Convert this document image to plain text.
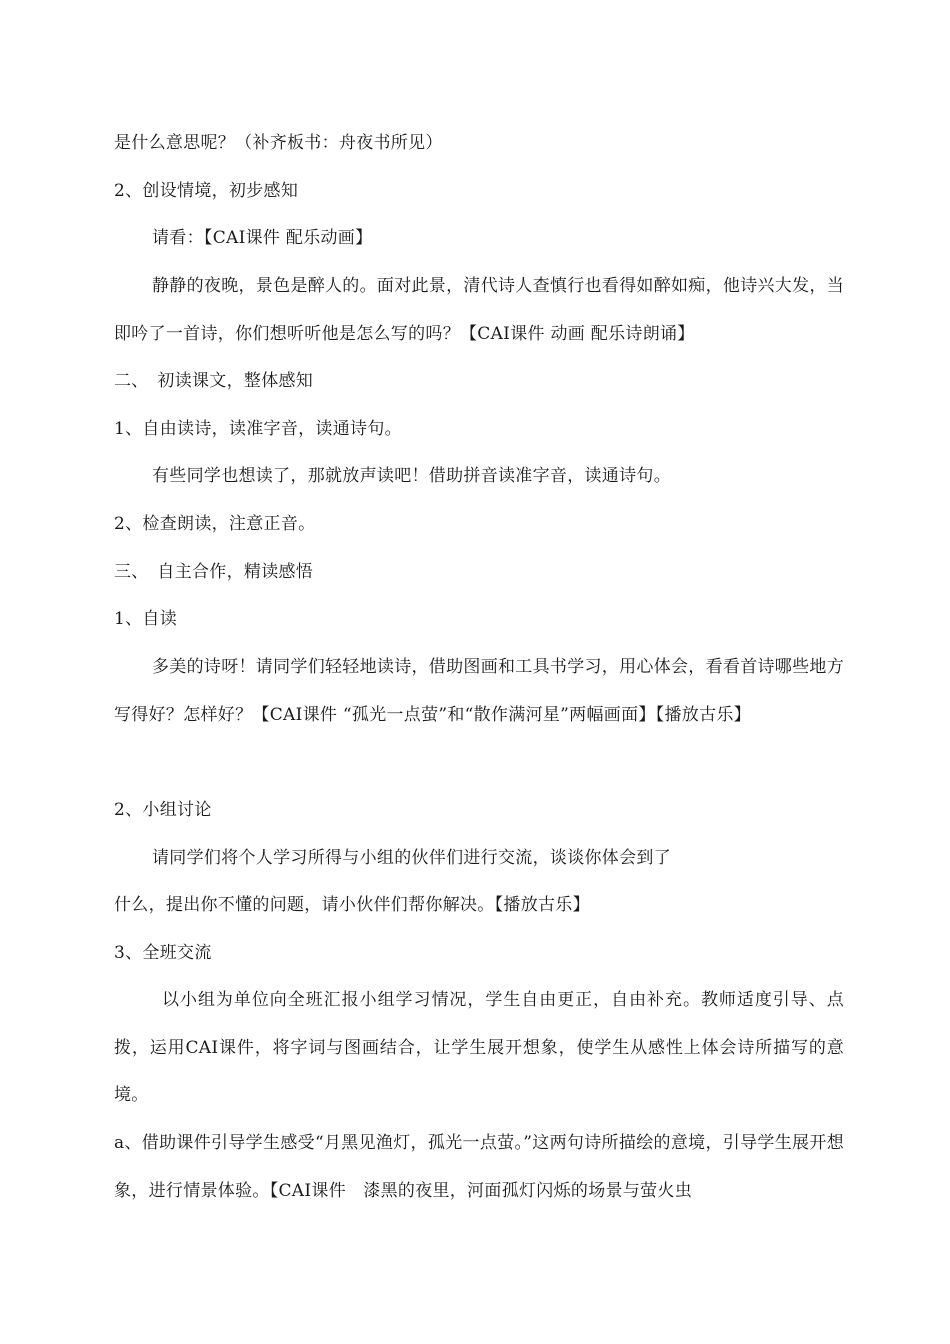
是什么意思呢？（补齐板书：舟夜书所见）

2、创设情境，初步感知

请看：【CAI课件 配乐动画】

静静的夜晚，景色是醉人的。面对此景，清代诗人查慎行也看得如醉如痴，他诗兴大发，当即吟了一首诗，你们想听听他是怎么写的吗？【CAI课件 动画 配乐诗朗诵】

二、　初读课文，整体感知

1、自由读诗，读准字音，读通诗句。

有些同学也想读了，那就放声读吧！借助拼音读准字音，读通诗句。

2、检查朗读，注意正音。

三、　自主合作，精读感悟

1、自读

多美的诗呀！请同学们轻轻地读诗，借助图画和工具书学习，用心体会，看看首诗哪些地方写得好？怎样好？【CAI课件 “孤光一点萤”和“散作满河星”两幅画面】【播放古乐】

2、小组讨论

请同学们将个人学习所得与小组的伙伴们进行交流，谈谈你体会到了

什么，提出你不懂的问题，请小伙伴们帮你解决。【播放古乐】

3、全班交流

以小组为单位向全班汇报小组学习情况，学生自由更正，自由补充。教师适度引导、点拨，运用CAI课件，将字词与图画结合，让学生展开想象，使学生从感性上体会诗所描写的意境。

a、借助课件引导学生感受“月黑见渔灯，孤光一点萤。”这两句诗所描绘的意境，引导学生展开想象，进行情景体验。【CAI课件　漆黑的夜里，河面孤灯闪烁的场景与萤火虫
